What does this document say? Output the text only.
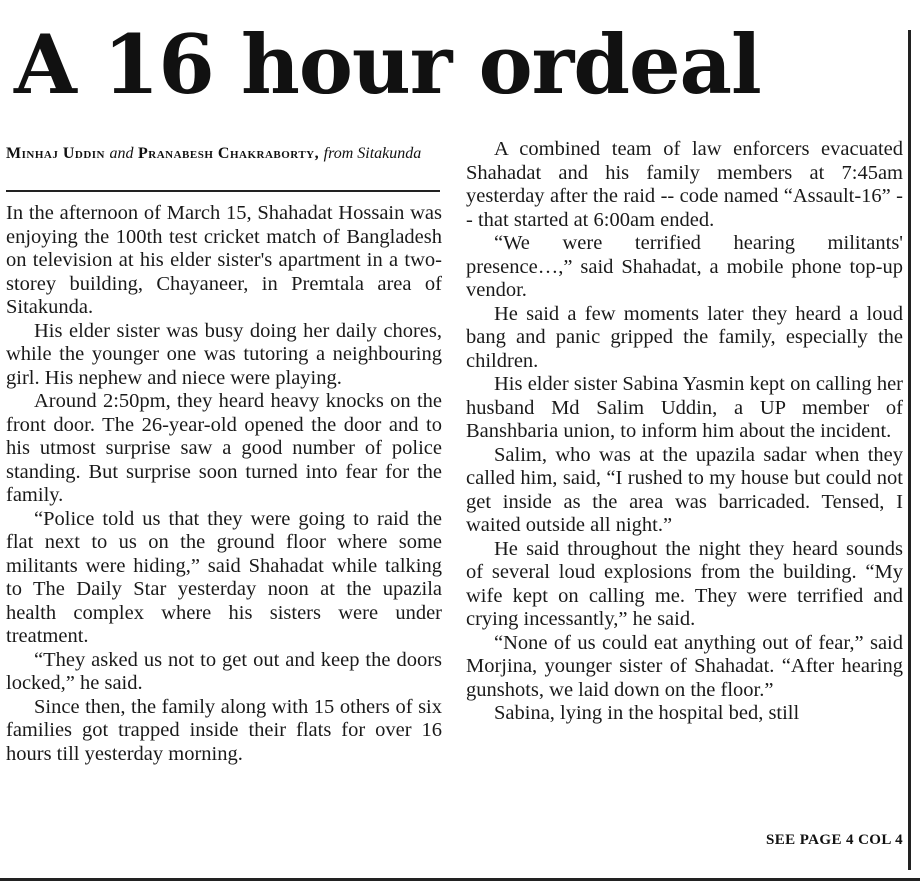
A 16 hour ordeal
Minhaj Uddin and Pranabesh Chakraborty, from Sitakunda

In the afternoon of March 15, Shahadat Hossain was enjoying the 100th test cricket match of Bangladesh on television at his elder sister's apartment in a two-storey building, Chayaneer, in Premtala area of Sitakunda.

His elder sister was busy doing her daily chores, while the younger one was tutoring a neighbouring girl. His nephew and niece were playing.

Around 2:50pm, they heard heavy knocks on the front door. The 26-year-old opened the door and to his utmost surprise saw a good number of police standing. But surprise soon turned into fear for the family.

“Police told us that they were going to raid the flat next to us on the ground floor where some militants were hiding,” said Shahadat while talking to The Daily Star yesterday noon at the upazila health complex where his sisters were under treatment.

“They asked us not to get out and keep the doors locked,” he said.

Since then, the family along with 15 others of six families got trapped inside their flats for over 16 hours till yesterday morning.

A combined team of law enforcers evacuated Shahadat and his family members at 7:45am yesterday after the raid -- code named “Assault-16” -- that started at 6:00am ended.

“We were terrified hearing militants' presence…,” said Shahadat, a mobile phone top-up vendor.

He said a few moments later they heard a loud bang and panic gripped the family, especially the children.

His elder sister Sabina Yasmin kept on calling her husband Md Salim Uddin, a UP member of Banshbaria union, to inform him about the incident.

Salim, who was at the upazila sadar when they called him, said, “I rushed to my house but could not get inside as the area was barricaded. Tensed, I waited outside all night.”

He said throughout the night they heard sounds of several loud explosions from the building. “My wife kept on calling me. They were terrified and crying incessantly,” he said.

“None of us could eat anything out of fear,” said Morjina, younger sister of Shahadat. “After hearing gunshots, we laid down on the floor.”

Sabina, lying in the hospital bed, still

SEE PAGE 4 COL 4
